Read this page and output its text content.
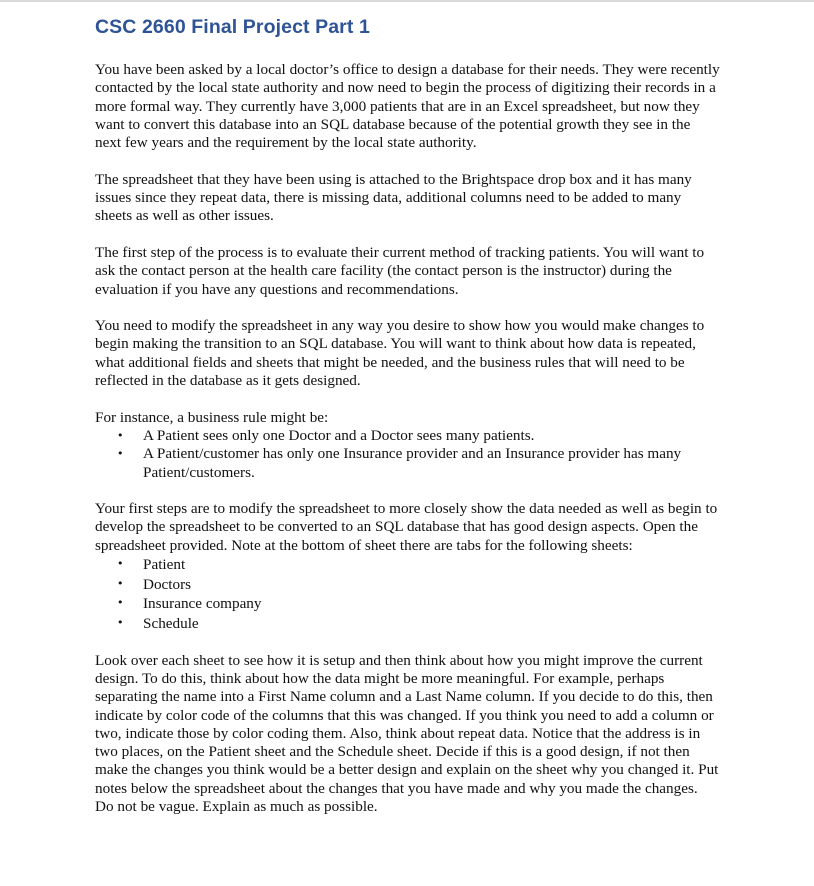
CSC 2660 Final Project Part 1

You have been asked by a local doctor’s office to design a database for their needs. They were recently contacted by the local state authority and now need to begin the process of digitizing their records in a more formal way. They currently have 3,000 patients that are in an Excel spreadsheet, but now they want to convert this database into an SQL database because of the potential growth they see in the next few years and the requirement by the local state authority.

The spreadsheet that they have been using is attached to the Brightspace drop box and it has many issues since they repeat data, there is missing data, additional columns need to be added to many sheets as well as other issues.

The first step of the process is to evaluate their current method of tracking patients. You will want to ask the contact person at the health care facility (the contact person is the instructor) during the evaluation if you have any questions and recommendations.

You need to modify the spreadsheet in any way you desire to show how you would make changes to begin making the transition to an SQL database. You will want to think about how data is repeated, what additional fields and sheets that might be needed, and the business rules that will need to be reflected in the database as it gets designed.

For instance, a business rule might be:

• A Patient sees only one Doctor and a Doctor sees many patients.
• A Patient/customer has only one Insurance provider and an Insurance provider has many Patient/customers.

Your first steps are to modify the spreadsheet to more closely show the data needed as well as begin to develop the spreadsheet to be converted to an SQL database that has good design aspects. Open the spreadsheet provided. Note at the bottom of sheet there are tabs for the following sheets:

• Patient
• Doctors
• Insurance company
• Schedule

Look over each sheet to see how it is setup and then think about how you might improve the current design. To do this, think about how the data might be more meaningful. For example, perhaps separating the name into a First Name column and a Last Name column. If you decide to do this, then indicate by color code of the columns that this was changed. If you think you need to add a column or two, indicate those by color coding them. Also, think about repeat data. Notice that the address is in two places, on the Patient sheet and the Schedule sheet. Decide if this is a good design, if not then make the changes you think would be a better design and explain on the sheet why you changed it. Put notes below the spreadsheet about the changes that you have made and why you made the changes. Do not be vague. Explain as much as possible.
